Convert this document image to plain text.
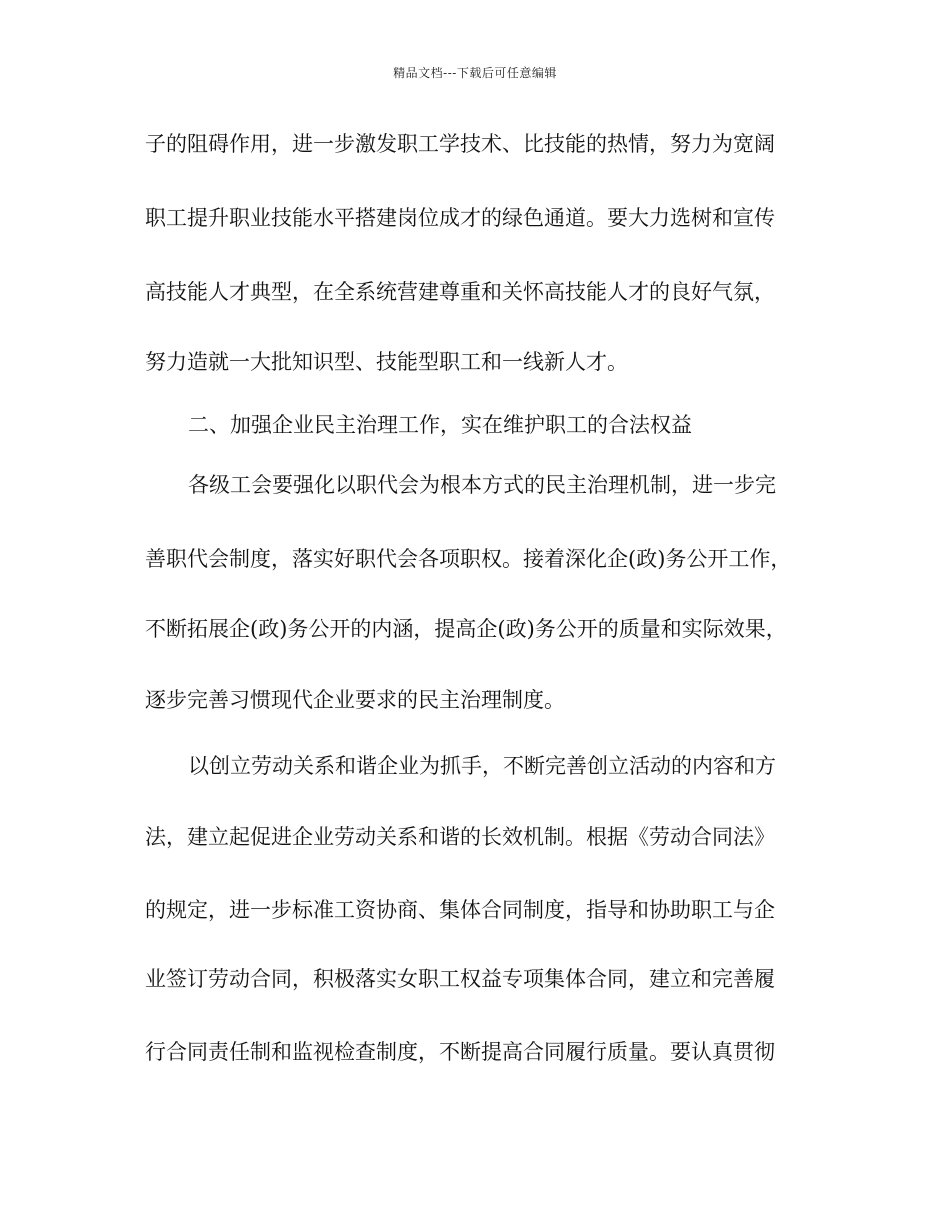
精品文档---下载后可任意编辑
子的阻碍作用，进一步激发职工学技术、比技能的热情，努力为宽阔
职工提升职业技能水平搭建岗位成才的绿色通道。要大力选树和宣传
高技能人才典型，在全系统营建尊重和关怀高技能人才的良好气氛，
努力造就一大批知识型、技能型职工和一线新人才。
二、加强企业民主治理工作，实在维护职工的合法权益
各级工会要强化以职代会为根本方式的民主治理机制，进一步完
善职代会制度，落实好职代会各项职权。接着深化企(政)务公开工作，
不断拓展企(政)务公开的内涵，提高企(政)务公开的质量和实际效果，
逐步完善习惯现代企业要求的民主治理制度。
以创立劳动关系和谐企业为抓手，不断完善创立活动的内容和方
法，建立起促进企业劳动关系和谐的长效机制。根据《劳动合同法》
的规定，进一步标准工资协商、集体合同制度，指导和协助职工与企
业签订劳动合同，积极落实女职工权益专项集体合同，建立和完善履
行合同责任制和监视检查制度，不断提高合同履行质量。要认真贯彻
